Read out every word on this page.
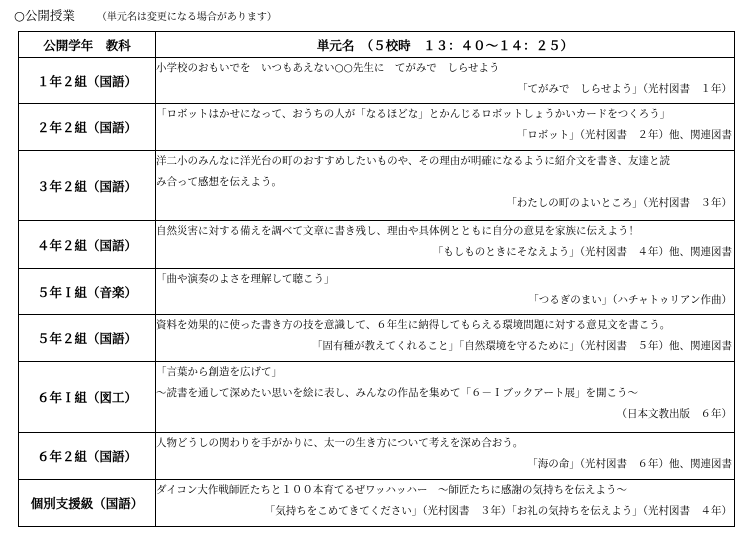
○公開授業 （単元名は変更になる場合があります）
公開学年　教科	単元名　（５校時　１３：４０～１４：２５）
１年２組（国語）	小学校のおもいでを　いつもあえない○○先生に　てがみで　しらせよう
「てがみで　しらせよう」（光村図書　１年）

２年２組（国語）	「ロボットはかせになって、おうちの人が「なるほどな」とかんじるロボットしょうかいカードをつくろう」
「ロボット」（光村図書　２年）他、関連図書

３年２組（国語）	洋二小のみんなに洋光台の町のおすすめしたいものや、その理由が明確になるように紹介文を書き、友達と読
み合って感想を伝えよう。
「わたしの町のよいところ」（光村図書　３年）

４年２組（国語）	自然災害に対する備えを調べて文章に書き残し、理由や具体例とともに自分の意見を家族に伝えよう！
「もしものときにそなえよう」（光村図書　４年）他、関連図書

５年Ｉ組（音楽）	「曲や演奏のよさを理解して聴こう」
「つるぎのまい」（ハチャトゥリアン作曲）

５年２組（国語）	資料を効果的に使った書き方の技を意識して、６年生に納得してもらえる環境問題に対する意見文を書こう。
「固有種が教えてくれること」「自然環境を守るために」（光村図書　５年）他、関連図書

６年Ｉ組（図工）	「言葉から創造を広げて」
～読書を通して深めたい思いを絵に表し、みんなの作品を集めて「６－Ｉブックアート展」を開こう～
（日本文教出版　６年）

６年２組（国語）	人物どうしの関わりを手がかりに、太一の生き方について考えを深め合おう。
「海の命」（光村図書　６年）他、関連図書

個別支援級（国語）	ダイコン大作戦師匠たちと１００本育てるぜワッハッハー　～師匠たちに感謝の気持ちを伝えよう～
「気持ちをこめてきてください」（光村図書　３年）「お礼の気持ちを伝えよう」（光村図書　４年）
